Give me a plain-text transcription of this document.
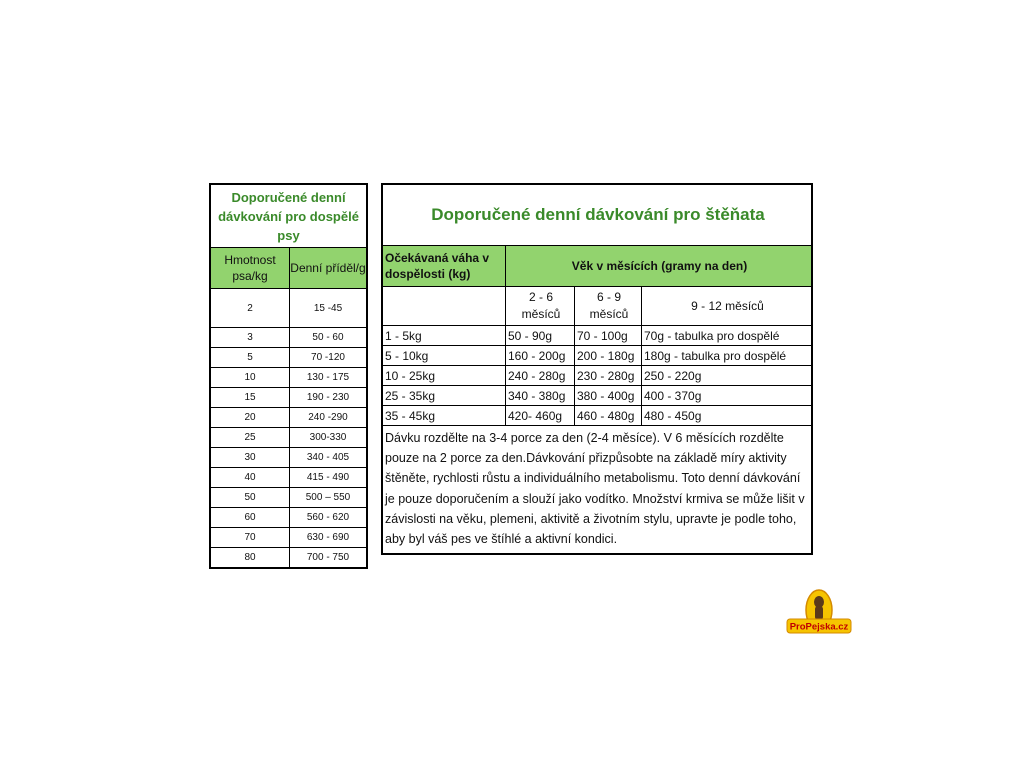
Doporučené denní dávkování pro dospělé psy	
Hmotnost psa/kg	Denní příděl/g
2	15 -45
3	50 - 60
5	70 -120
10	130 - 175
15	190 - 230
20	240 -290
25	300-330
30	340 - 405
40	415 - 490
50	500 – 550
60	560 - 620
70	630 - 690
80	700 - 750
Doporučené denní dávkování pro štěňata			
Očekávaná váha v dospělosti (kg)	Věk v měsících (gramy na den)		
	2 - 6 měsíců	6 - 9 měsíců	9 - 12 měsíců
1 - 5kg	50 - 90g	70 - 100g	70g - tabulka pro dospělé
5 - 10kg	160 - 200g	200 - 180g	180g - tabulka pro dospělé
10 - 25kg	240 - 280g	230 - 280g	250 - 220g
25 - 35kg	340 - 380g	380 - 400g	400 - 370g
35 - 45kg	420- 460g	460 - 480g	480 - 450g
Dávku rozdělte na 3-4 porce za den (2-4 měsíce). V 6 měsících rozdělte pouze na 2 porce za den.Dávkování přizpůsobte na základě míry aktivity štěněte, rychlosti růstu a individuálního metabolismu. Toto denní dávkování je pouze doporučením a slouží jako vodítko. Množství krmiva se může lišit v závislosti na věku, plemeni, aktivitě a životním stylu, upravte je podle toho, aby byl váš pes ve štíhlé a aktivní kondici.			
ProPejska.cz
